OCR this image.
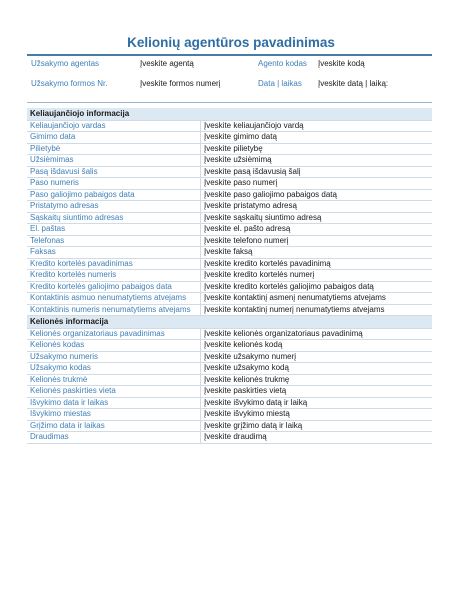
Kelionių agentūros pavadinimas
Užsakymo agentas	Įveskite agentą	Agento kodas	Įveskite kodą
Užsakymo formos Nr.	Įveskite formos numerį	Data | laikas	Įveskite datą | laiką:
Keliaujančiojo informacija
Keliaujančiojo vardas	Įveskite keliaujančiojo vardą
Gimimo data	Įveskite gimimo datą
Pilietybė	Įveskite pilietybę
Užsiėmimas	Įveskite užsiėmimą
Pasą išdavusi šalis	Įveskite pasą išdavusią šalį
Paso numeris	Įveskite paso numerį
Paso galiojimo pabaigos data	Įveskite paso galiojimo pabaigos datą
Pristatymo adresas	Įveskite pristatymo adresą
Sąskaitų siuntimo adresas	Įveskite sąskaitų siuntimo adresą
El. paštas	Įveskite el. pašto adresą
Telefonas	Įveskite telefono numerį
Faksas	Įveskite faksą
Kredito kortelės pavadinimas	Įveskite kredito kortelės pavadinimą
Kredito kortelės numeris	Įveskite kredito kortelės numerį
Kredito kortelės galiojimo pabaigos data	Įveskite kredito kortelės galiojimo pabaigos datą
Kontaktinis asmuo nenumatytiems atvejams	Įveskite kontaktinį asmenį nenumatytiems atvejams
Kontaktinis numeris nenumatytiems atvejams	Įveskite kontaktinį numerį nenumatytiems atvejams
Kelionės informacija
Kelionės organizatoriaus pavadinimas	Įveskite kelionės organizatoriaus pavadinimą
Kelionės kodas	Įveskite kelionės kodą
Užsakymo numeris	Įveskite užsakymo numerį
Užsakymo kodas	Įveskite užsakymo kodą
Kelionės trukmė	Įveskite kelionės trukmę
Kelionės paskirties vieta	Įveskite paskirties vietą
Išvykimo data ir laikas	Įveskite išvykimo datą ir laiką
Išvykimo miestas	Įveskite išvykimo miestą
Grįžimo data ir laikas	Įveskite grįžimo datą ir laiką
Draudimas	Įveskite draudimą
